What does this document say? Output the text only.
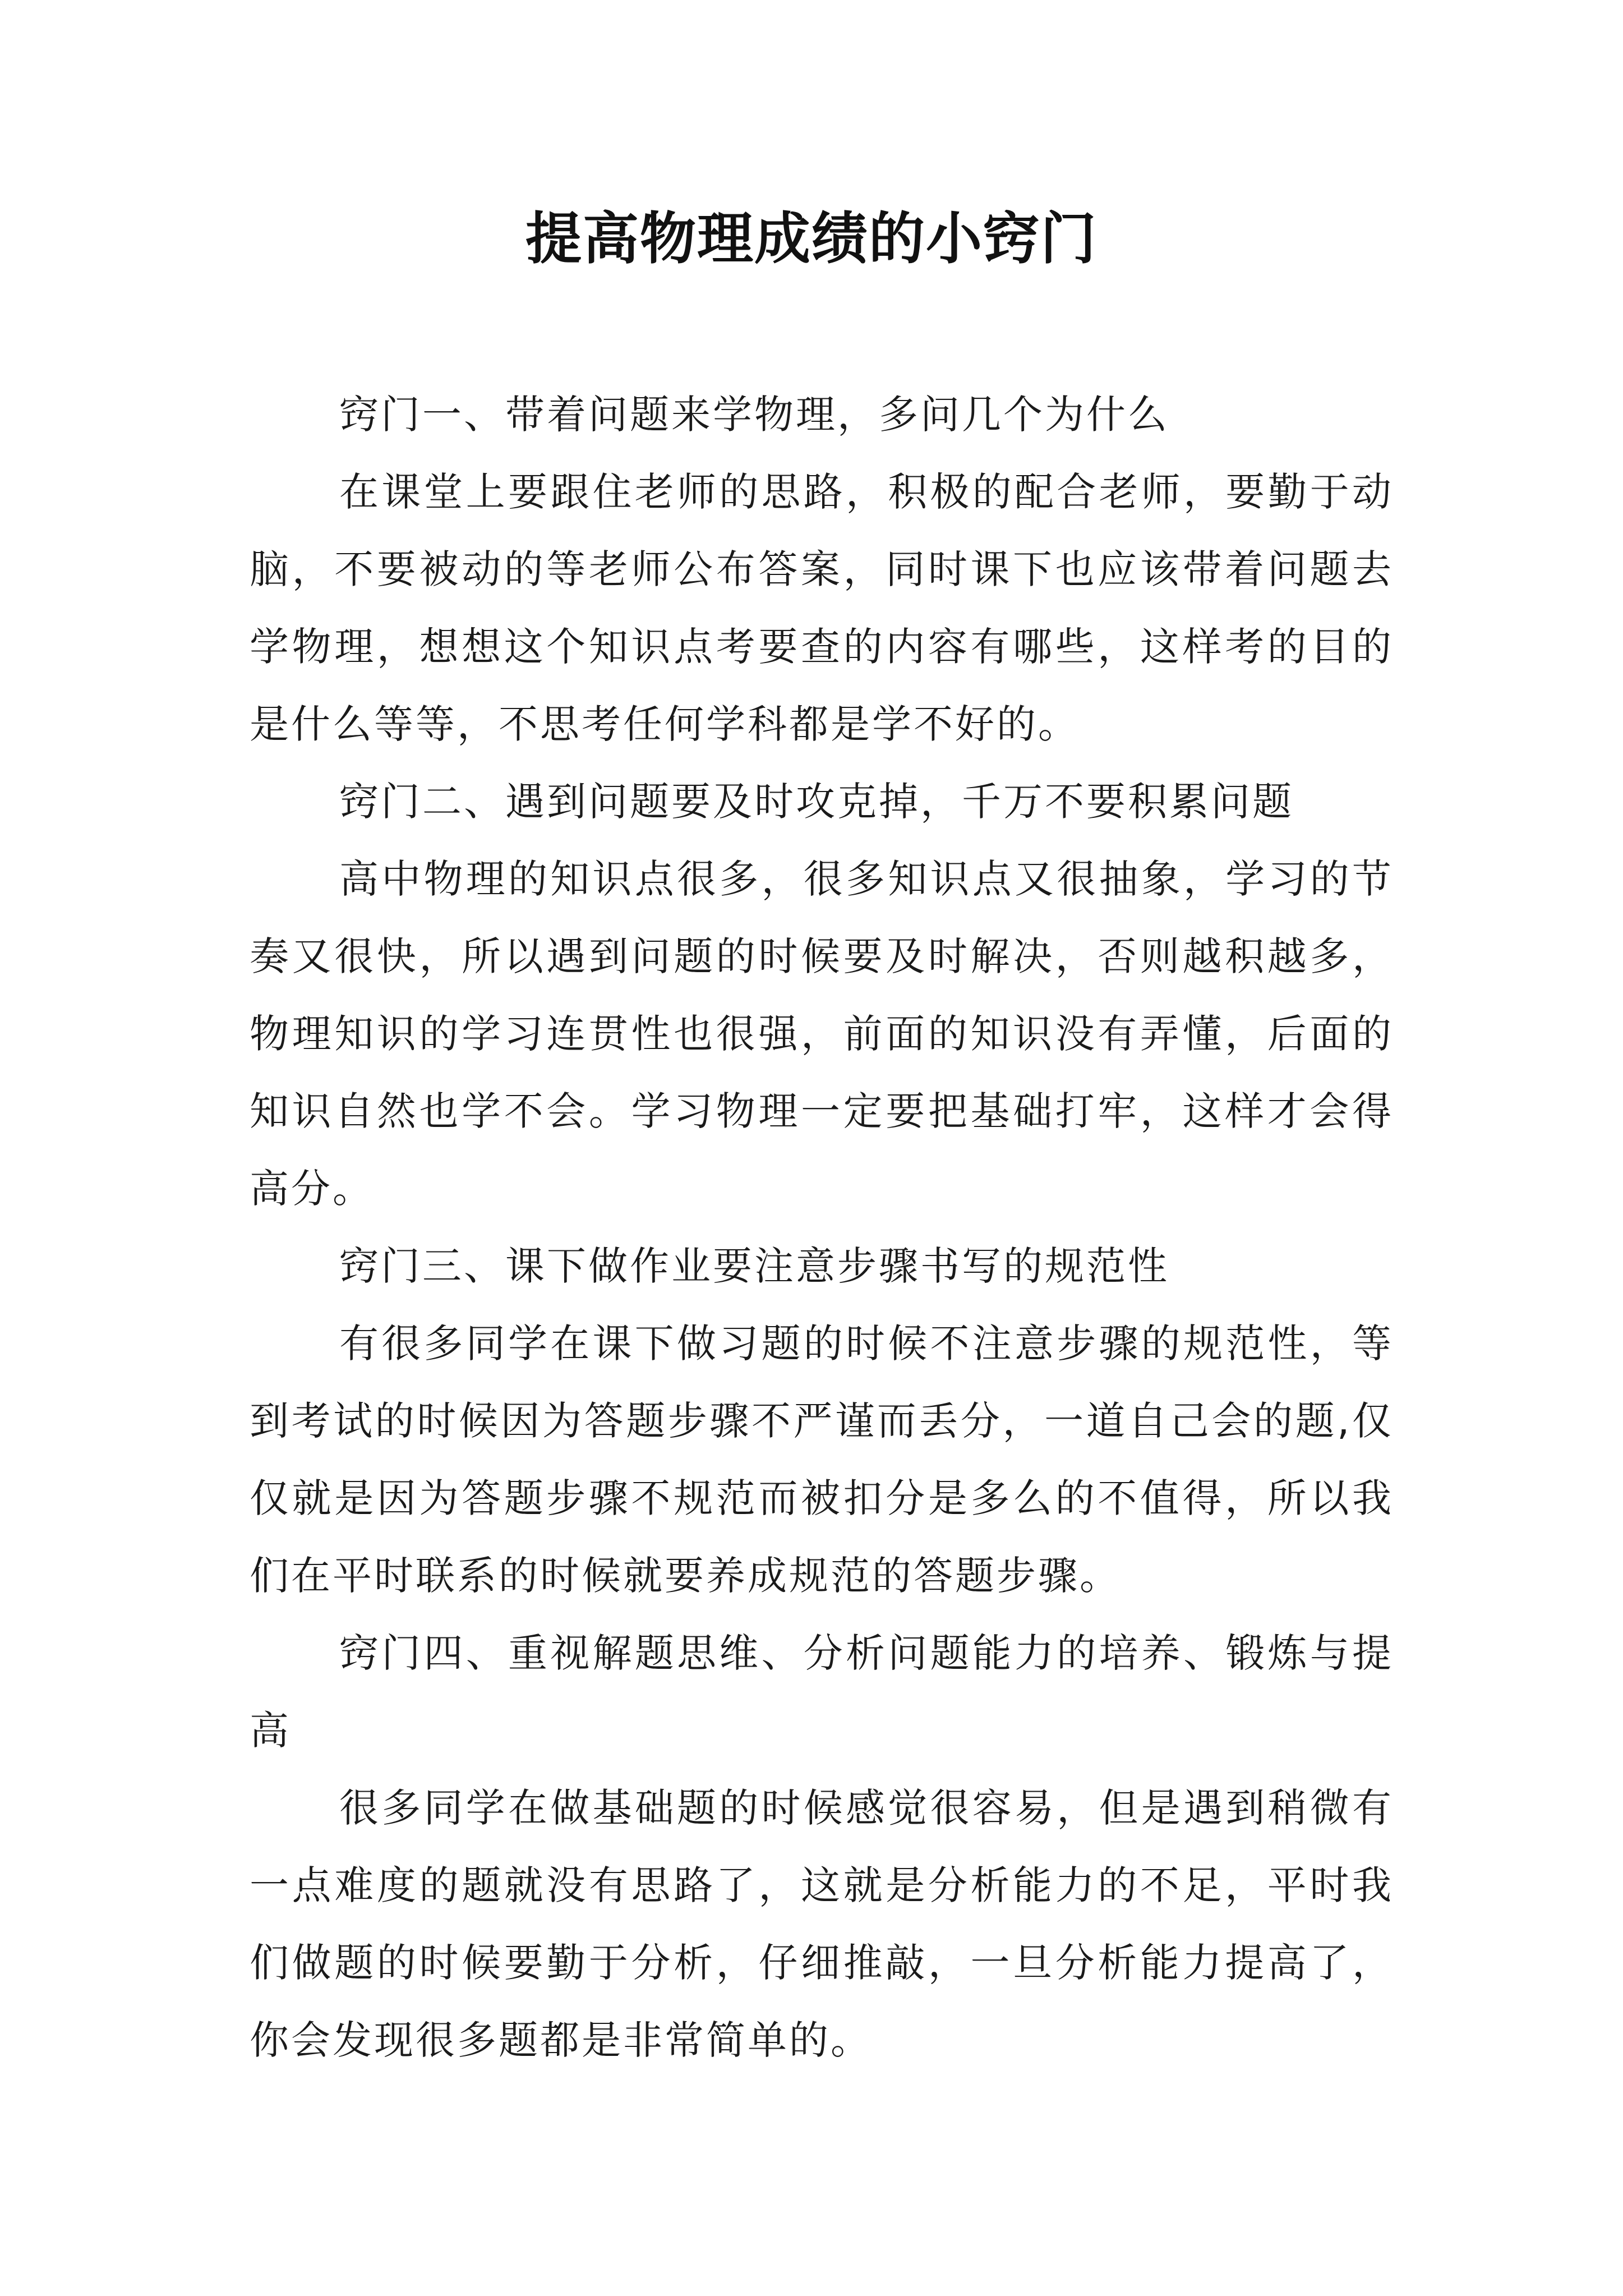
提高物理成绩的小窍门

窍门一、带着问题来学物理，多问几个为什么

在课堂上要跟住老师的思路，积极的配合老师，要勤于动脑，不要被动的等老师公布答案，同时课下也应该带着问题去学物理，想想这个知识点考要查的内容有哪些，这样考的目的是什么等等，不思考任何学科都是学不好的。

窍门二、遇到问题要及时攻克掉，千万不要积累问题

高中物理的知识点很多，很多知识点又很抽象，学习的节奏又很快，所以遇到问题的时候要及时解决，否则越积越多，物理知识的学习连贯性也很强，前面的知识没有弄懂，后面的知识自然也学不会。学习物理一定要把基础打牢，这样才会得高分。

窍门三、课下做作业要注意步骤书写的规范性

有很多同学在课下做习题的时候不注意步骤的规范性，等到考试的时候因为答题步骤不严谨而丢分，一道自己会的题,仅仅就是因为答题步骤不规范而被扣分是多么的不值得，所以我们在平时联系的时候就要养成规范的答题步骤。

窍门四、重视解题思维、分析问题能力的培养、锻炼与提高

很多同学在做基础题的时候感觉很容易，但是遇到稍微有一点难度的题就没有思路了，这就是分析能力的不足，平时我们做题的时候要勤于分析，仔细推敲，一旦分析能力提高了，你会发现很多题都是非常简单的。
